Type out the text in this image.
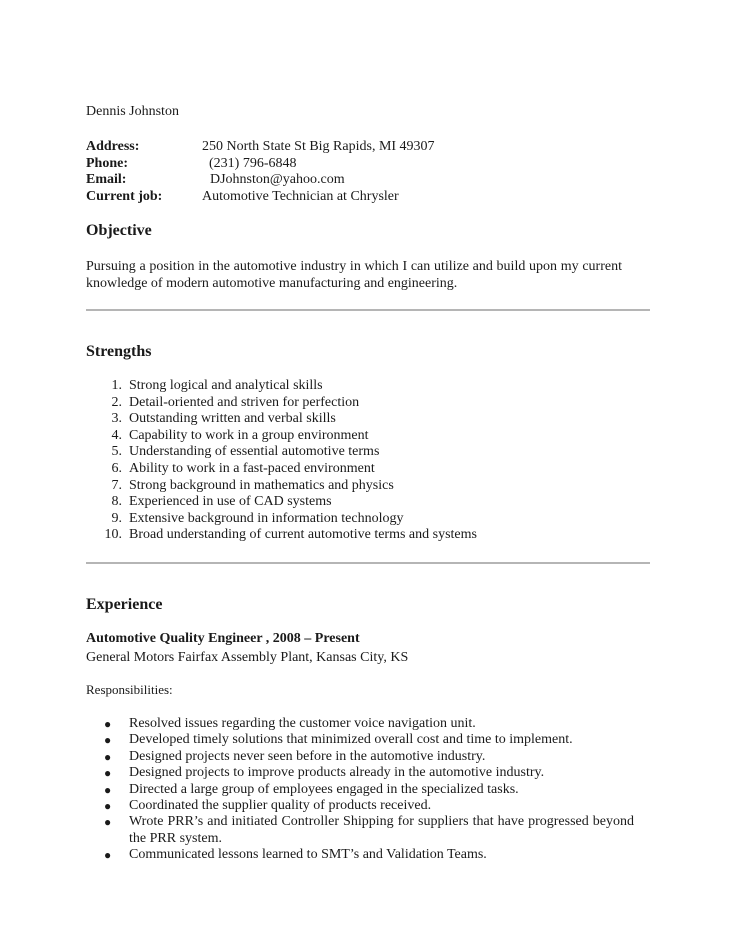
Dennis Johnston
Address:	250 North State St Big Rapids, MI 49307
Phone:	(231) 796-6848
Email:	DJohnston@yahoo.com
Current job:	Automotive Technician at Chrysler
Objective
Pursuing a position in the automotive industry in which I can utilize and build upon my current knowledge of modern automotive manufacturing and engineering.
Strengths
1. Strong logical and analytical skills
2. Detail-oriented and striven for perfection
3. Outstanding written and verbal skills
4. Capability to work in a group environment
5. Understanding of essential automotive terms
6. Ability to work in a fast-paced environment
7. Strong background in mathematics and physics
8. Experienced in use of CAD systems
9. Extensive background in information technology
10. Broad understanding of current automotive terms and systems
Experience
Automotive Quality Engineer , 2008 – Present
General Motors Fairfax Assembly Plant, Kansas City, KS
Responsibilities:
● Resolved issues regarding the customer voice navigation unit.
● Developed timely solutions that minimized overall cost and time to implement.
● Designed projects never seen before in the automotive industry.
● Designed projects to improve products already in the automotive industry.
● Directed a large group of employees engaged in the specialized tasks.
● Coordinated the supplier quality of products received.
● Wrote PRR’s and initiated Controller Shipping for suppliers that have progressed beyond the PRR system.
● Communicated lessons learned to SMT’s and Validation Teams.
